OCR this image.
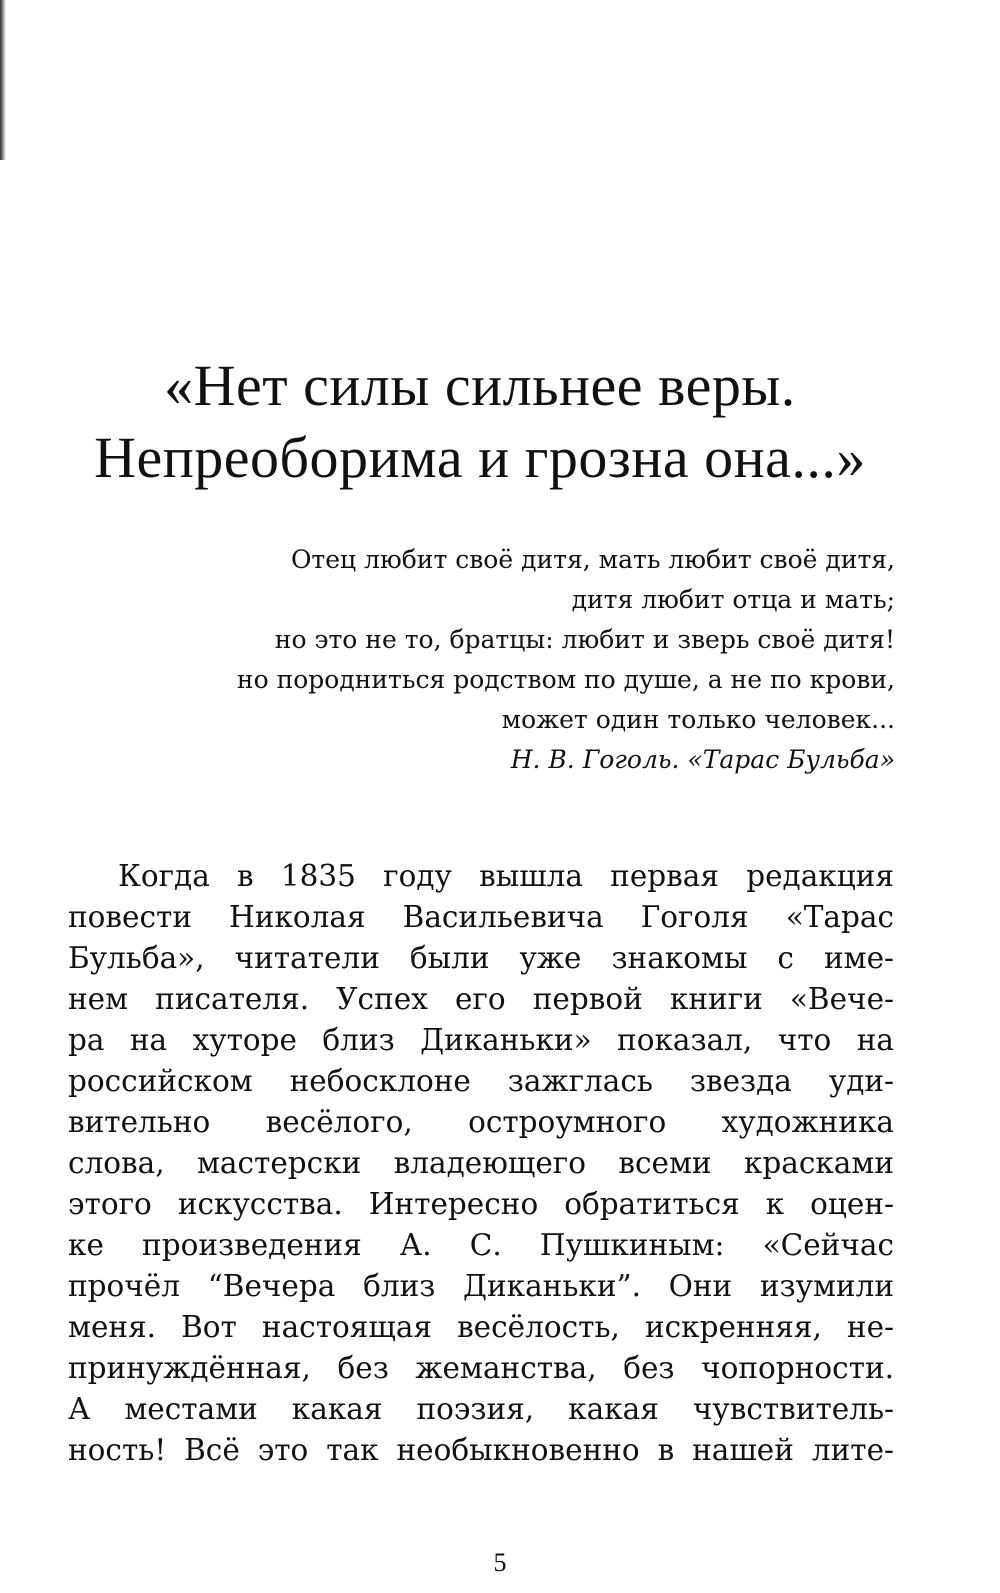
«Нет силы сильнее веры.
Непреоборима и грозна она...»
Отец любит своё дитя, мать любит своё дитя,
дитя любит отца и мать;
но это не то, братцы: любит и зверь своё дитя!
но породниться родством по душе, а не по крови,
может один только человек...
Н. В. Гоголь. «Тарас Бульба»
Когда в 1835 году вышла первая редакция
повести Николая Васильевича Гоголя «Тарас
Бульба», читатели были уже знакомы с име-
нем писателя. Успех его первой книги «Вече-
ра на хуторе близ Диканьки» показал, что на
российском небосклоне зажглась звезда уди-
вительно весёлого, остроумного художника
слова, мастерски владеющего всеми красками
этого искусства. Интересно обратиться к оцен-
ке произведения А. С. Пушкиным: «Сейчас
прочёл “Вечера близ Диканьки”. Они изумили
меня. Вот настоящая весёлость, искренняя, не-
принуждённая, без жеманства, без чопорности.
А местами какая поэзия, какая чувствитель-
ность! Всё это так необыкновенно в нашей лите-
5
